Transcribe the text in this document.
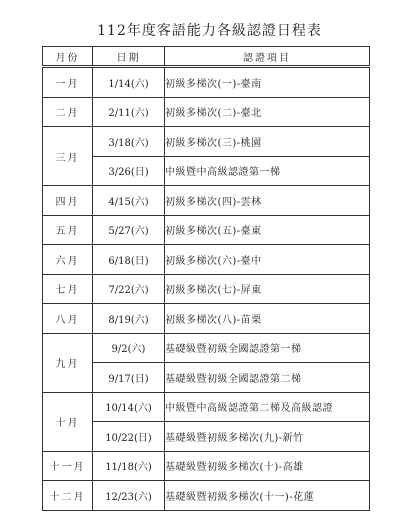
112年度客語能力各級認證日程表
月份	日期	認證項目
一月	1/14(六)	初級多梯次(一)-臺南
二月	2/11(六)	初級多梯次(二)-臺北
三月	3/18(六)	初級多梯次(三)-桃園
	3/26(日)	中級暨中高級認證第一梯
四月	4/15(六)	初級多梯次(四)-雲林
五月	5/27(六)	初級多梯次(五)-臺東
六月	6/18(日)	初級多梯次(六)-臺中
七月	7/22(六)	初級多梯次(七)-屏東
八月	8/19(六)	初級多梯次(八)-苗栗
九月	9/2(六)	基礎級暨初級全國認證第一梯
	9/17(日)	基礎級暨初級全國認證第二梯
十月	10/14(六)	中級暨中高級認證第二梯及高級認證
	10/22(日)	基礎級暨初級多梯次(九)-新竹
十一月	11/18(六)	基礎級暨初級多梯次(十)-高雄
十二月	12/23(六)	基礎級暨初級多梯次(十一)-花蓮
